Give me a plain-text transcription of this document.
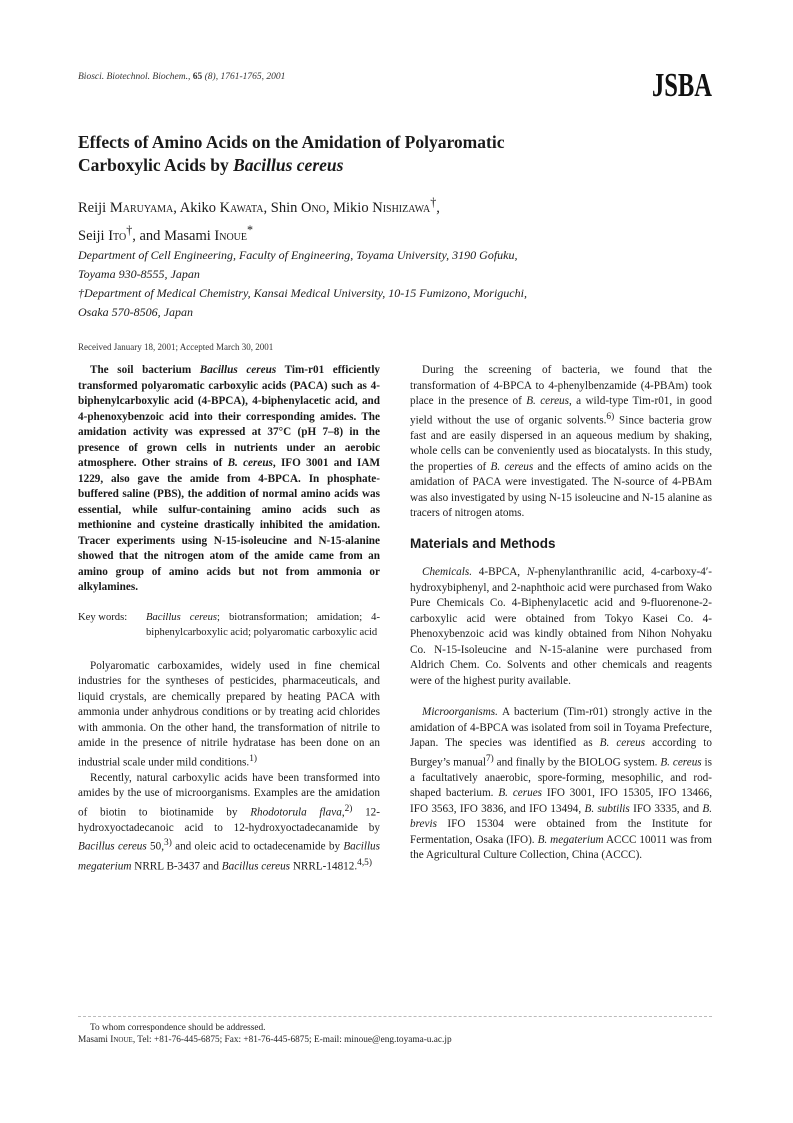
Biosci. Biotechnol. Biochem., 65 (8), 1761-1765, 2001	JSBA
Effects of Amino Acids on the Amidation of Polyaromatic
Carboxylic Acids by Bacillus cereus
Reiji Maruyama, Akiko Kawata, Shin Ono, Mikio Nishizawa†,
Seiji Ito†, and Masami Inoue*
Department of Cell Engineering, Faculty of Engineering, Toyama University, 3190 Gofuku,
Toyama 930-8555, Japan
†Department of Medical Chemistry, Kansai Medical University, 10-15 Fumizono, Moriguchi,
Osaka 570-8506, Japan
Received January 18, 2001; Accepted March 30, 2001

The soil bacterium Bacillus cereus Tim-r01 efficiently transformed polyaromatic carboxylic acids (PACA) such as 4-biphenylcarboxylic acid (4-BPCA), 4-biphenylacetic acid, and 4-phenoxybenzoic acid into their corresponding amides. The amidation activity was expressed at 37°C (pH 7–8) in the presence of grown cells in nutrients under an aerobic atmosphere. Other strains of B. cereus, IFO 3001 and IAM 1229, also gave the amide from 4-BPCA. In phosphate-buffered saline (PBS), the addition of normal amino acids was essential, while sulfur-containing amino acids such as methionine and cysteine drastically inhibited the amidation. Tracer experiments using N-15-isoleucine and N-15-alanine showed that the nitrogen atom of the amide came from an amino group of amino acids but not from ammonia or alkylamines.

Key words:	Bacillus cereus; biotransformation; amidation; 4-biphenylcarboxylic acid; polyaromatic carboxylic acid

Polyaromatic carboxamides, widely used in fine chemical industries for the syntheses of pesticides, pharmaceuticals, and liquid crystals, are chemically prepared by heating PACA with ammonia under anhydrous conditions or by treating acid chlorides with ammonia. On the other hand, the transformation of nitrile to amide in the presence of nitrile hydratase has been done on an industrial scale under mild conditions.$^{1)}$

Recently, natural carboxylic acids have been transformed into amides by the use of microorganisms. Examples are the amidation of biotin to biotinamide by Rhodotorula flava,$^{2)}$ 12-hydroxyoctadecanoic acid to 12-hydroxyoctadecanamide by Bacillus cereus 50,$^{3)}$ and oleic acid to octadecenamide by Bacillus megaterium NRRL B-3437 and Bacillus cereus NRRL-14812.$^{4,5)}$

During the screening of bacteria, we found that the transformation of 4-BPCA to 4-phenylbenzamide (4-PBAm) took place in the presence of B. cereus, a wild-type Tim-r01, in good yield without the use of organic solvents.$^{6)}$ Since bacteria grow fast and are easily dispersed in an aqueous medium by shaking, whole cells can be conveniently used as biocatalysts. In this study, the properties of B. cereus and the effects of amino acids on the amidation of PACA were investigated. The N-source of 4-PBAm was also investigated by using N-15 isoleucine and N-15 alanine as tracers of nitrogen atoms.

Materials and Methods

Chemicals. 4-BPCA, N-phenylanthranilic acid, 4-carboxy-4′-hydroxybiphenyl, and 2-naphthoic acid were purchased from Wako Pure Chemicals Co. 4-Biphenylacetic acid and 9-fluorenone-2-carboxylic acid were obtained from Tokyo Kasei Co. 4-Phenoxybenzoic acid was kindly obtained from Nihon Nohyaku Co. N-15-Isoleucine and N-15-alanine were purchased from Aldrich Chem. Co. Solvents and other chemicals and reagents were of the highest purity available.

Microorganisms. A bacterium (Tim-r01) strongly active in the amidation of 4-BPCA was isolated from soil in Toyama Prefecture, Japan. The species was identified as B. cereus according to Burgey’s manual$^{7)}$ and finally by the BIOLOG system. B. cereus is a facultatively anaerobic, spore-forming, mesophilic, and rod-shaped bacterium. B. cerues IFO 3001, IFO 15305, IFO 13466, IFO 3563, IFO 3836, and IFO 13494, B. subtilis IFO 3335, and B. brevis IFO 15304 were obtained from the Institute for Fermentation, Osaka (IFO). B. megaterium ACCC 10011 was from the Agricultural Culture Collection, China (ACCC).

To whom correspondence should be addressed.
Masami Inoue, Tel: +81-76-445-6875; Fax: +81-76-445-6875; E-mail: minoue@eng.toyama-u.ac.jp
